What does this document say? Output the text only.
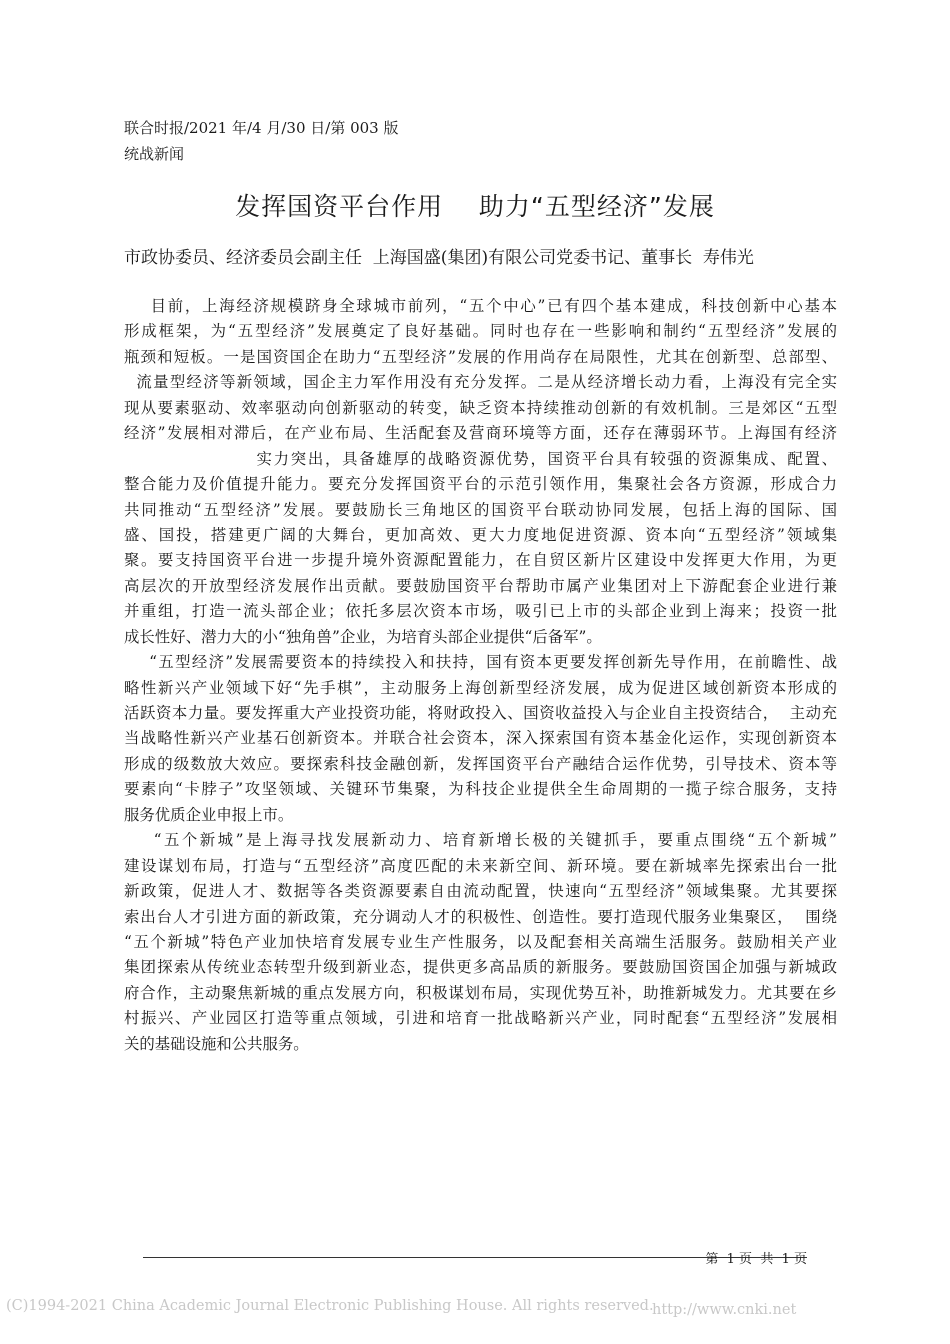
联合时报/2021 年/4 月/30 日/第 003 版
统战新闻
发挥国资平台作用    助力“五型经济”发展
市政协委员、经济委员会副主任  上海国盛(集团)有限公司党委书记、董事长  寿伟光
目前，上海经济规模跻身全球城市前列，“五个中心”已有四个基本建成，科技创新中心基本
形成框架，为“五型经济”发展奠定了良好基础。同时也存在一些影响和制约“五型经济”发展的
瓶颈和短板。一是国资国企在助力“五型经济”发展的作用尚存在局限性，尤其在创新型、总部型、
流量型经济等新领域，国企主力军作用没有充分发挥。二是从经济增长动力看，上海没有完全实
现从要素驱动、效率驱动向创新驱动的转变，缺乏资本持续推动创新的有效机制。三是郊区“五型
经济”发展相对滞后，在产业布局、生活配套及营商环境等方面，还存在薄弱环节。上海国有经济
实力突出，具备雄厚的战略资源优势，国资平台具有较强的资源集成、配置、
整合能力及价值提升能力。要充分发挥国资平台的示范引领作用，集聚社会各方资源，形成合力
共同推动“五型经济”发展。要鼓励长三角地区的国资平台联动协同发展，包括上海的国际、国
盛、国投，搭建更广阔的大舞台，更加高效、更大力度地促进资源、资本向“五型经济”领域集
聚。要支持国资平台进一步提升境外资源配置能力，在自贸区新片区建设中发挥更大作用，为更
高层次的开放型经济发展作出贡献。要鼓励国资平台帮助市属产业集团对上下游配套企业进行兼
并重组，打造一流头部企业；依托多层次资本市场，吸引已上市的头部企业到上海来；投资一批
成长性好、潜力大的小“独角兽”企业，为培育头部企业提供“后备军”。
“五型经济”发展需要资本的持续投入和扶持，国有资本更要发挥创新先导作用，在前瞻性、战
略性新兴产业领域下好“先手棋”，主动服务上海创新型经济发展，成为促进区域创新资本形成的
活跃资本力量。要发挥重大产业投资功能，将财政投入、国资收益投入与企业自主投资结合，  主动充
当战略性新兴产业基石创新资本。并联合社会资本，深入探索国有资本基金化运作，实现创新资本
形成的级数放大效应。要探索科技金融创新，发挥国资平台产融结合运作优势，引导技术、资本等
要素向“卡脖子”攻坚领域、关键环节集聚，为科技企业提供全生命周期的一揽子综合服务，支持
服务优质企业申报上市。
“五个新城”是上海寻找发展新动力、培育新增长极的关键抓手，要重点围绕“五个新城”
建设谋划布局，打造与“五型经济”高度匹配的未来新空间、新环境。要在新城率先探索出台一批
新政策，促进人才、数据等各类资源要素自由流动配置，快速向“五型经济”领域集聚。尤其要探
索出台人才引进方面的新政策，充分调动人才的积极性、创造性。要打造现代服务业集聚区，  围绕
“五个新城”特色产业加快培育发展专业生产性服务，以及配套相关高端生活服务。鼓励相关产业
集团探索从传统业态转型升级到新业态，提供更多高品质的新服务。要鼓励国资国企加强与新城政
府合作，主动聚焦新城的重点发展方向，积极谋划布局，实现优势互补，助推新城发力。尤其要在乡
村振兴、产业园区打造等重点领域，引进和培育一批战略新兴产业，同时配套“五型经济”发展相
关的基础设施和公共服务。
第  1 页  共  1 页
(C)1994-2021 China Academic Journal Electronic Publishing House. All rights reserved.
http://www.cnki.net
